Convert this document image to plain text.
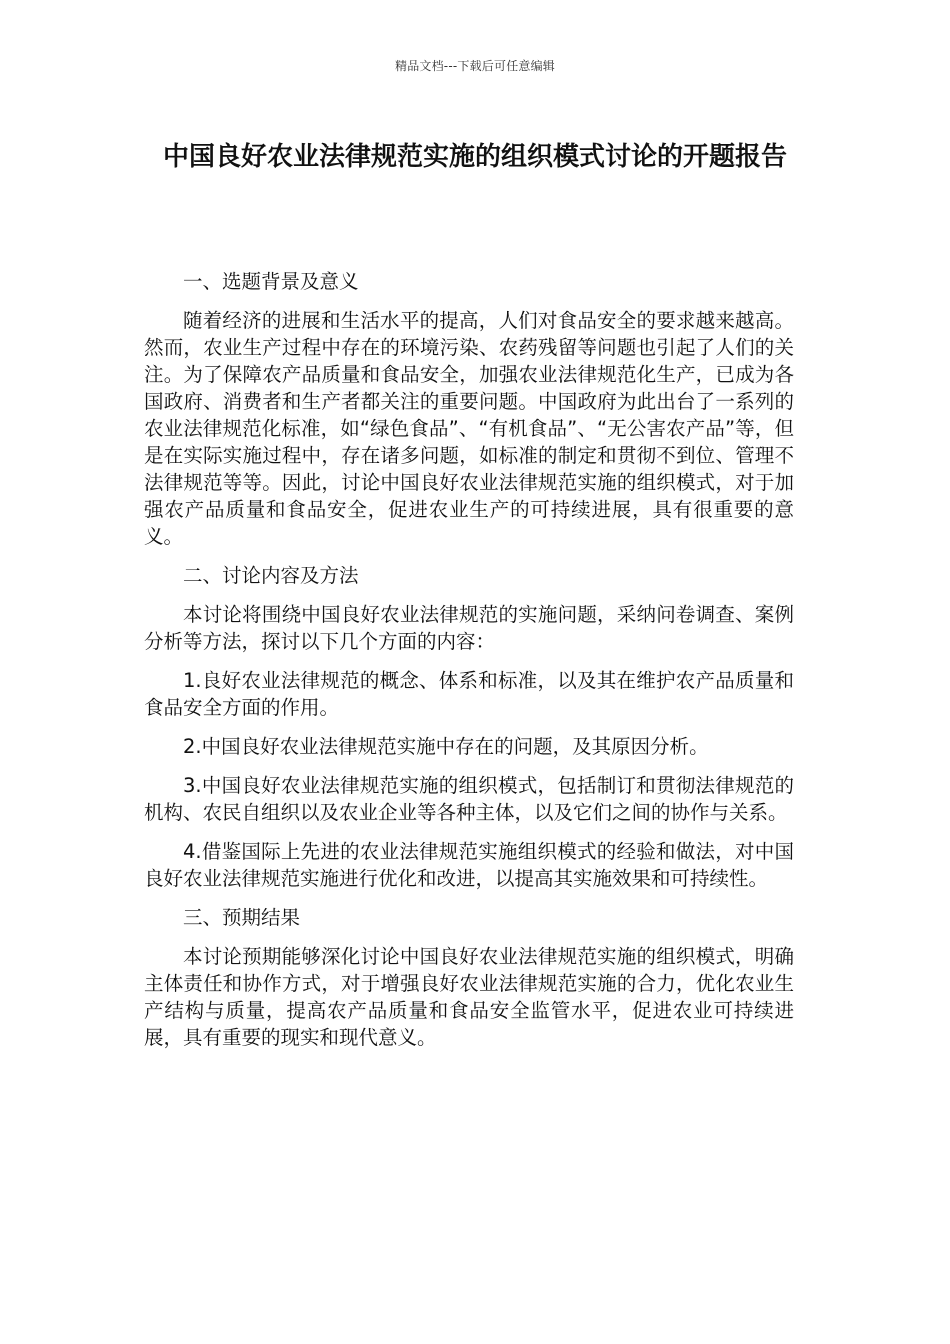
精品文档---下载后可任意编辑
中国良好农业法律规范实施的组织模式讨论的开题报告

一、选题背景及意义

随着经济的进展和生活水平的提高，人们对食品安全的要求越来越高。然而，农业生产过程中存在的环境污染、农药残留等问题也引起了人们的关注。为了保障农产品质量和食品安全，加强农业法律规范化生产，已成为各国政府、消费者和生产者都关注的重要问题。中国政府为此出台了一系列的农业法律规范化标准，如“绿色食品”、“有机食品”、“无公害农产品”等，但是在实际实施过程中，存在诸多问题，如标准的制定和贯彻不到位、管理不法律规范等等。因此，讨论中国良好农业法律规范实施的组织模式，对于加强农产品质量和食品安全，促进农业生产的可持续进展，具有很重要的意义。

二、讨论内容及方法

本讨论将围绕中国良好农业法律规范的实施问题，采纳问卷调查、案例分析等方法，探讨以下几个方面的内容：

1.良好农业法律规范的概念、体系和标准，以及其在维护农产品质量和食品安全方面的作用。

2.中国良好农业法律规范实施中存在的问题，及其原因分析。

3.中国良好农业法律规范实施的组织模式，包括制订和贯彻法律规范的机构、农民自组织以及农业企业等各种主体，以及它们之间的协作与关系。

4.借鉴国际上先进的农业法律规范实施组织模式的经验和做法，对中国良好农业法律规范实施进行优化和改进，以提高其实施效果和可持续性。

三、预期结果

本讨论预期能够深化讨论中国良好农业法律规范实施的组织模式，明确主体责任和协作方式，对于增强良好农业法律规范实施的合力，优化农业生产结构与质量，提高农产品质量和食品安全监管水平，促进农业可持续进展，具有重要的现实和现代意义。
